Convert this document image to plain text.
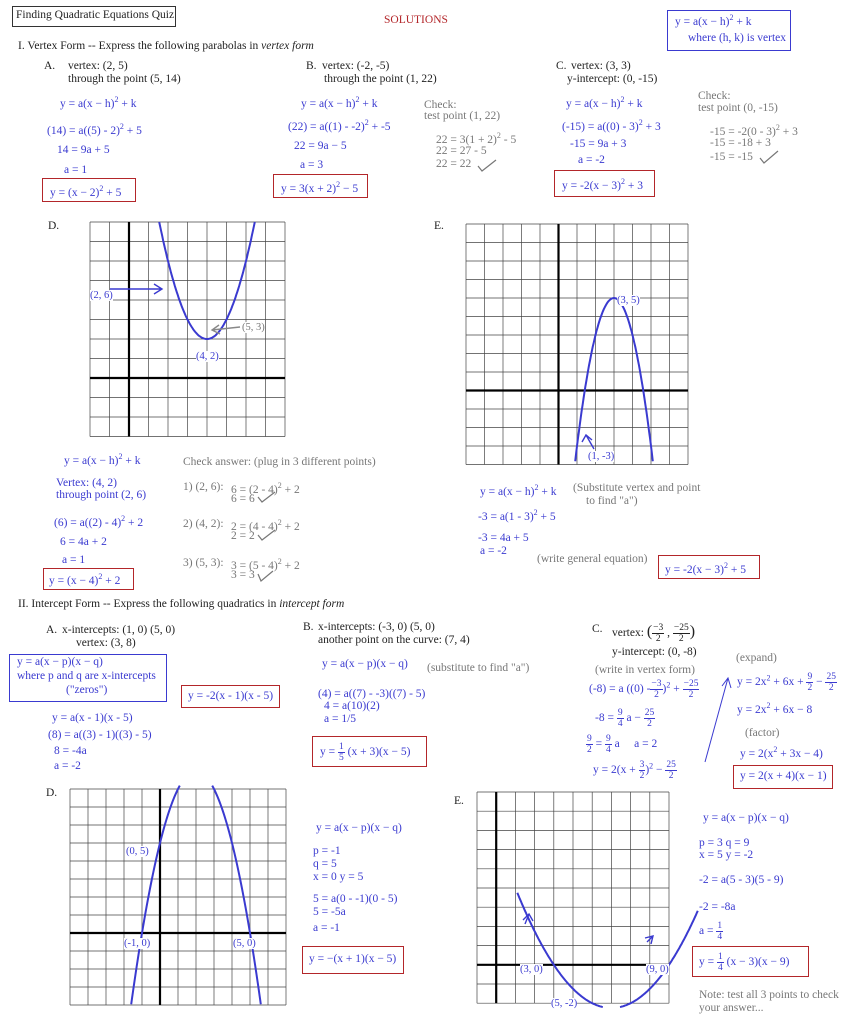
Finding Quadratic Equations Quiz	SOLUTIONS	$y = a(x - h)^2 + k$
where (h, k) is vertex
I. Vertex Form -- Express the following parabolas in vertex form
A. vertex: (2, 5)
through the point (5, 14)
$y = a(x - h)^2 + k$
(14) = a((5) - 2)$^2$ + 5
14 = 9a + 5
a = 1
$y = (x - 2)^2 + 5$
B. vertex: (-2, -5)
through the point (1, 22)
$y = a(x - h)^2 + k$
(22) = a((1) - -2)$^2$ + -5
22 = 9a − 5
a = 3
$y = 3(x + 2)^2 - 5$
Check:
test point (1, 22)
$22 = 3(1 + 2)^2 - 5$
22 = 27 - 5
22 = 22
C. vertex: (3, 3)
y-intercept: (0, -15)
$y = a(x - h)^2 + k$
(-15) = a((0) - 3)$^2$ + 3
-15 = 9a + 3
a = -2
$y = -2(x - 3)^2 + 3$
Check:
test point (0, -15)
-15 = -2(0 - 3)$^2$ + 3
-15 = -18 + 3
-15 = -15
D.
(2, 6)
(5, 3)
(4, 2)
$y = a(x - h)^2 + k$
Vertex: (4, 2)
through point (2, 6)
(6) = a((2) - 4)$^2$ + 2
6 = 4a + 2
a = 1
$y = (x - 4)^2 + 2$
Check answer: (plug in 3 different points)
1) (2, 6): 6 = (2 - 4)$^2$ + 2
6 = 6
2) (4, 2): 2 = (4 - 4)$^2$ + 2
2 = 2
3) (5, 3): 3 = (5 - 4)$^2$ + 2
3 = 3
E.
(3, 5)
(1, -3)
$y = a(x - h)^2 + k$ (Substitute vertex and point
to find "a")
-3 = a(1 - 3)$^2$ + 5
-3 = 4a + 5
a = -2
(write general equation)
$y = -2(x - 3)^2 + 5$
II. Intercept Form -- Express the following quadratics in intercept form
A. x-intercepts: (1, 0) (5, 0)
vertex: (3, 8)
y = a(x − p)(x − q)
where p and q are x-intercepts
("zeros")	y = -2(x - 1)(x - 5)
y = a(x - 1)(x - 5)
(8) = a((3) - 1)((3) - 5)
8 = -4a
a = -2
B. x-intercepts: (-3, 0) (5, 0)
another point on the curve: (7, 4)
y = a(x − p)(x − q) (substitute to find "a")
(4) = a((7) - -3)((7) - 5)
4 = a(10)(2)
a = 1/5
$y = \frac{1}{5} (x + 3)(x - 5)$
C. vertex: ( $\frac{-3}{2}$ , $\frac{-25}{2}$ )
y-intercept: (0, -8)
(write in vertex form)
(-8) = a $((0) - \frac{-3}{2} )^2 + \frac{-25}{2}$
$-8 = \frac{9}{4}$ $a - \frac{25}{2}$
$\frac{9}{2} = \frac{9}{4}$ a a = 2
$y = 2(x + \frac{3}{2} )^2 - \frac{25}{2}$
(expand)
$y = 2x^2 + 6x + \frac{9}{2} - \frac{25}{2}$
$y = 2x^2 + 6x - 8$
(factor)
$y = 2(x^2 + 3x - 4)$
y = 2(x + 4)(x − 1)
D.
(0, 5)
(-1, 0)	(5, 0)
y = a(x − p)(x − q)
p = -1
q = 5
x = 0 y = 5
5 = a(0 - -1)(0 - 5)
5 = -5a
a = -1
y = −(x + 1)(x − 5)
E.
(3, 0)	(9, 0)
(5, -2)
y = a(x − p)(x − q)
p = 3 q = 9
x = 5 y = -2
-2 = a(5 - 3)(5 - 9)
-2 = -8a
$a = \frac{1}{4}$
$y = \frac{1}{4} (x - 3)(x - 9)$
Note: test all 3 points to check
your answer...
